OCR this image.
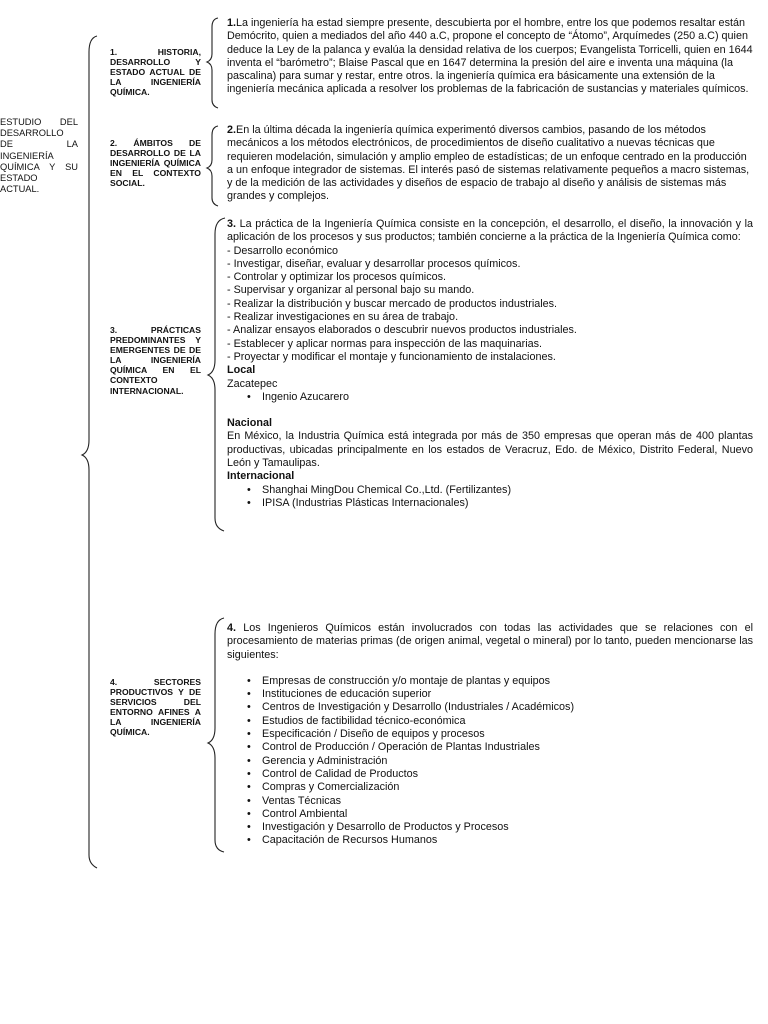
ESTUDIO DEL DESARROLLO DE LA INGENIERÍA QUÍMICA Y SU ESTADO ACTUAL.
1. HISTORIA, DESARROLLO Y ESTADO ACTUAL DE LA INGENIERÍA QUÍMICA.
2. ÁMBITOS DE DESARROLLO DE LA INGENIERÍA QUÍMICA EN EL CONTEXTO SOCIAL.
3. PRÁCTICAS PREDOMINANTES Y EMERGENTES DE DE LA INGENIERÍA QUÍMICA EN EL CONTEXTO INTERNACIONAL.
4. SECTORES PRODUCTIVOS Y DE SERVICIOS DEL ENTORNO AFINES A LA INGENIERÍA QUÍMICA.

1.La ingeniería ha estad siempre presente, descubierta por el hombre, entre los que podemos resaltar están Demócrito, quien a mediados del año 440 a.C, propone el concepto de “Átomo”, Arquímedes (250 a.C) quien deduce la Ley de la palanca y evalúa la densidad relativa de los cuerpos; Evangelista Torricelli, quien en 1644 inventa el “barómetro”; Blaise Pascal que en 1647 determina la presión del aire e inventa una máquina (la pascalina) para sumar y restar, entre otros. la ingeniería química era básicamente una extensión de la ingeniería mecánica aplicada a resolver los problemas de la fabricación de sustancias y materiales químicos.

2.En la última década la ingeniería química experimentó diversos cambios, pasando de los métodos mecánicos a los métodos electrónicos, de procedimientos de diseño cualitativo a nuevas técnicas que requieren modelación, simulación y amplio empleo de estadísticas; de un enfoque centrado en la producción a un enfoque integrador de sistemas. El interés pasó de sistemas relativamente pequeños a macro sistemas, y de la medición de las actividades y diseños de espacio de trabajo al diseño y análisis de sistemas más grandes y complejos.

3. La práctica de la Ingeniería Química consiste en la concepción, el desarrollo, el diseño, la innovación y la aplicación de los procesos y sus productos; también concierne a la práctica de la Ingeniería Química como:

- Desarrollo económico
- Investigar, diseñar, evaluar y desarrollar procesos químicos.
- Controlar y optimizar los procesos químicos.
- Supervisar y organizar al personal bajo su mando.
- Realizar la distribución y buscar mercado de productos industriales.
- Realizar investigaciones en su área de trabajo.
- Analizar ensayos elaborados o descubrir nuevos productos industriales.
- Establecer y aplicar normas para inspección de las maquinarias.
- Proyectar y modificar el montaje y funcionamiento de instalaciones.
Local
Zacatepec
• Ingenio Azucarero
Nacional

En México, la Industria Química está integrada por más de 350 empresas que operan más de 400 plantas productivas, ubicadas principalmente en los estados de Veracruz, Edo. de México, Distrito Federal, Nuevo León y Tamaulipas.

Internacional
• Shanghai MingDou Chemical Co.,Ltd. (Fertilizantes)
• IPISA (Industrias Plásticas Internacionales)

4. Los Ingenieros Químicos están involucrados con todas las actividades que se relaciones con el procesamiento de materias primas (de origen animal, vegetal o mineral) por lo tanto, pueden mencionarse las siguientes:

• Empresas de construcción y/o montaje de plantas y equipos
• Instituciones de educación superior
• Centros de Investigación y Desarrollo (Industriales / Académicos)
• Estudios de factibilidad técnico-económica
• Especificación / Diseño de equipos y procesos
• Control de Producción / Operación de Plantas Industriales
• Gerencia y Administración
• Control de Calidad de Productos
• Compras y Comercialización
• Ventas Técnicas
• Control Ambiental
• Investigación y Desarrollo de Productos y Procesos
• Capacitación de Recursos Humanos
